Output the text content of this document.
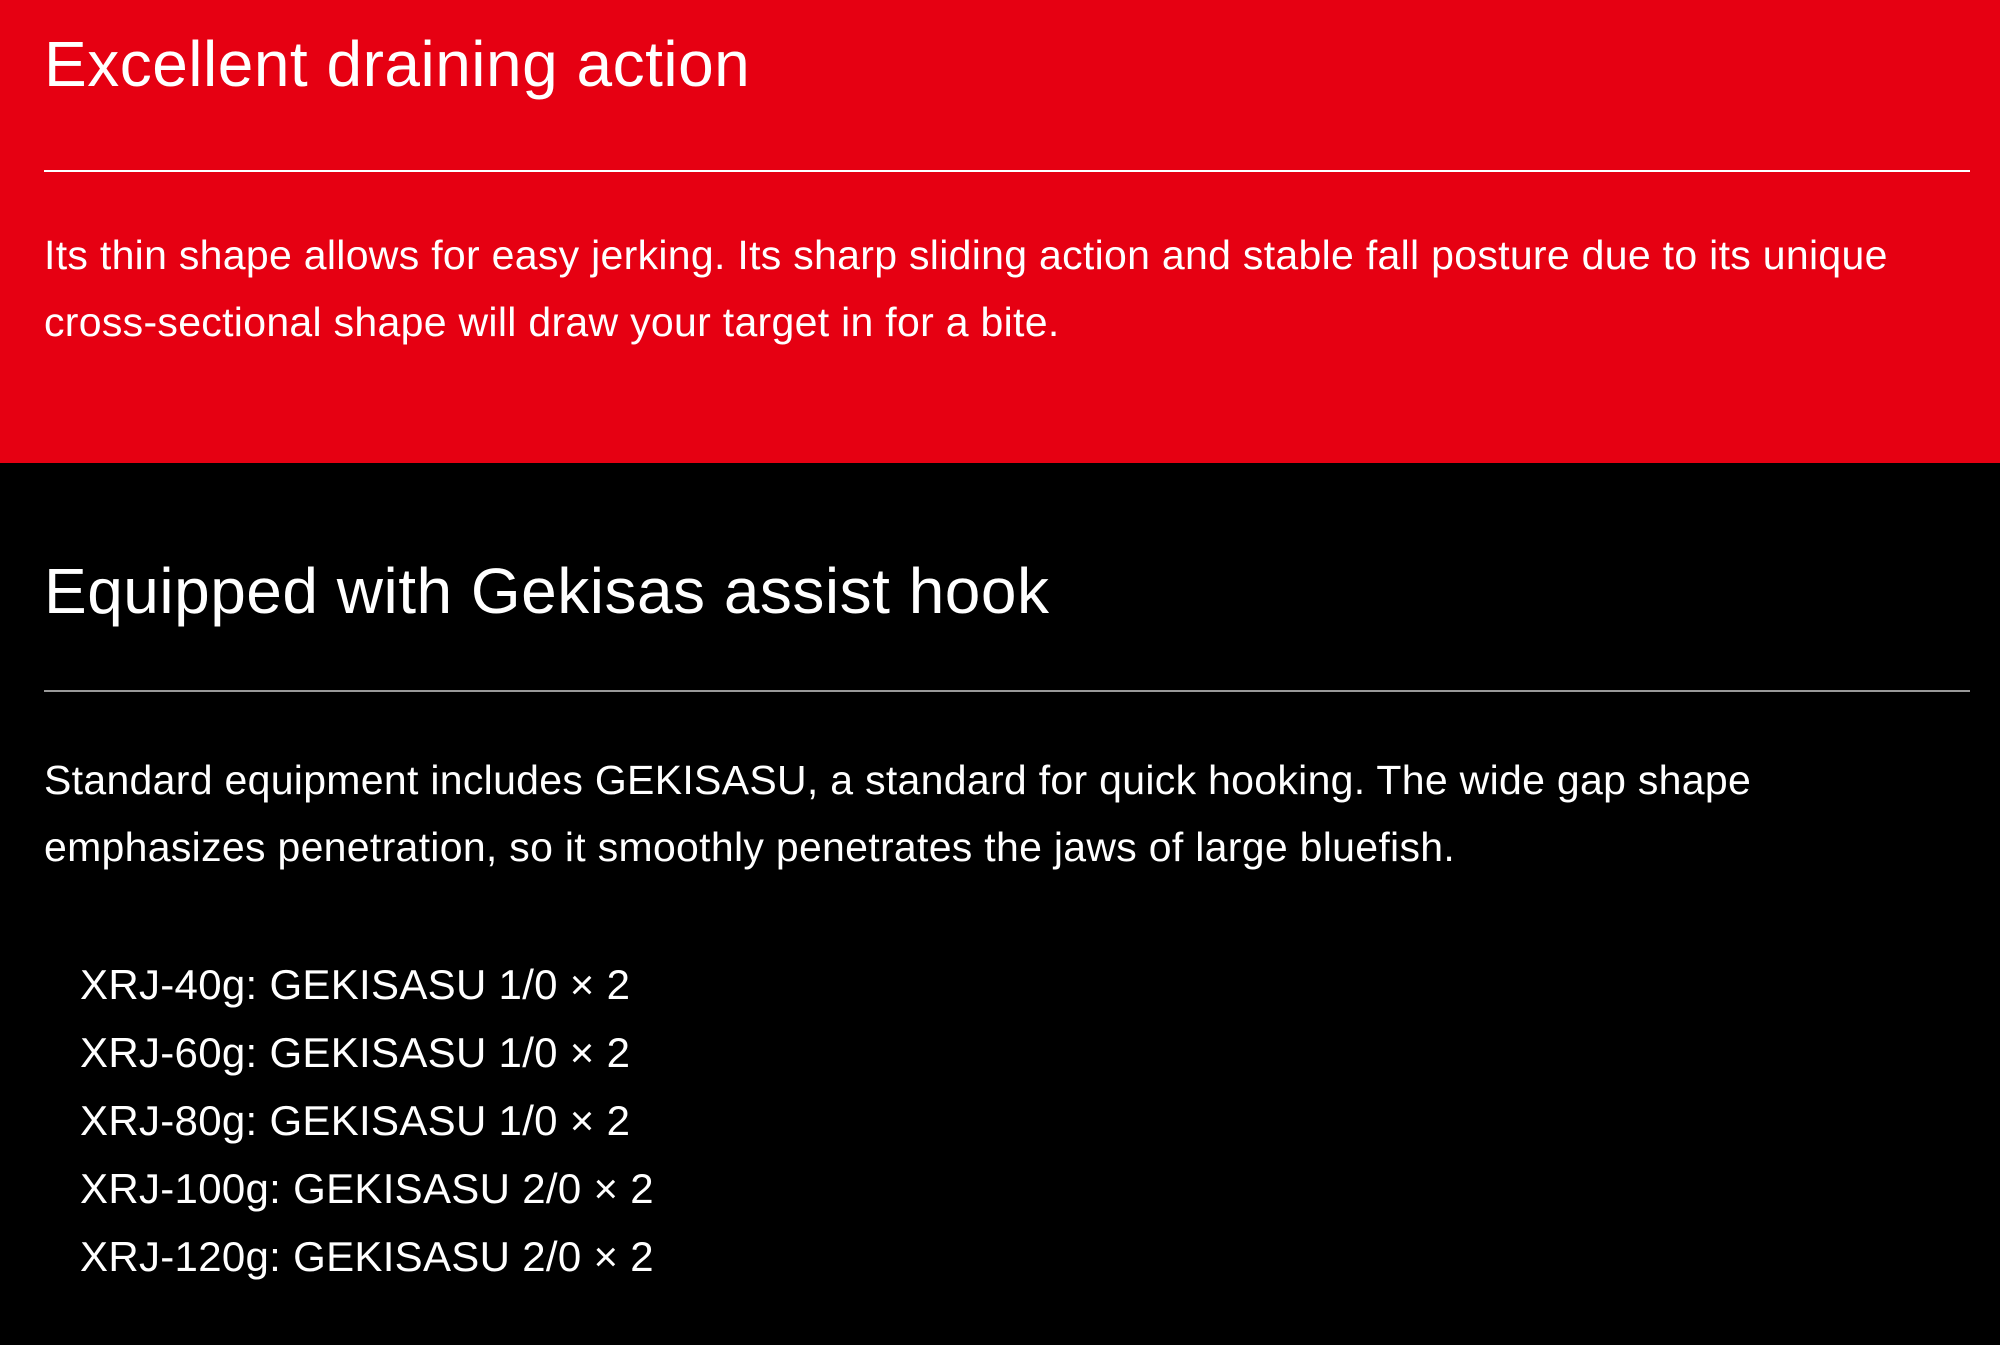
Excellent draining action

Its thin shape allows for easy jerking. Its sharp sliding action and stable fall posture due to its unique cross-sectional shape will draw your target in for a bite.

Equipped with Gekisas assist hook

Standard equipment includes GEKISASU, a standard for quick hooking. The wide gap shape emphasizes penetration, so it smoothly penetrates the jaws of large bluefish.

XRJ-40g: GEKISASU 1/0 × 2
XRJ-60g: GEKISASU 1/0 × 2
XRJ-80g: GEKISASU 1/0 × 2
XRJ-100g: GEKISASU 2/0 × 2
XRJ-120g: GEKISASU 2/0 × 2
